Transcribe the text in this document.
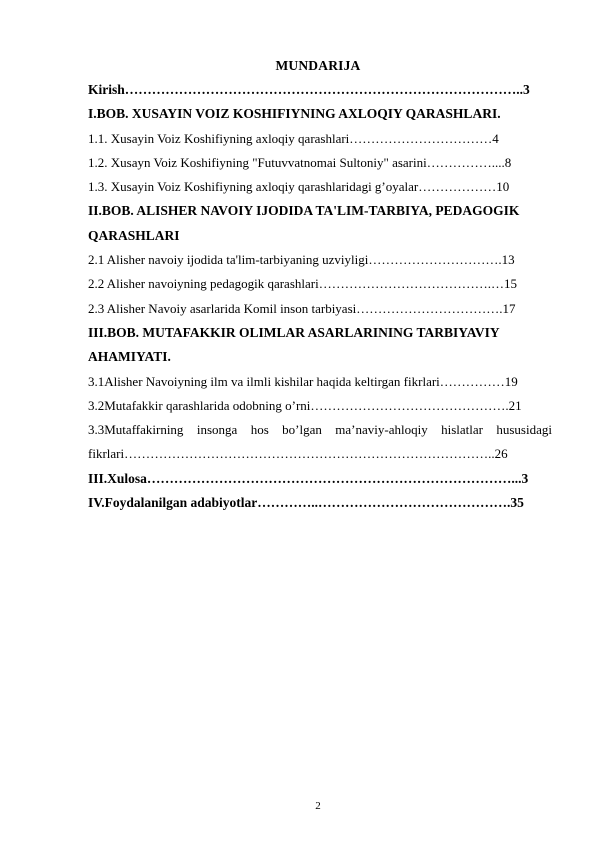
MUNDARIJA
Kirish……………………………………………………………………………..3
I.BOB. XUSAYIN VOIZ KOSHIFIYNING AXLOQIY QARASHLARI.
1.1. Xusayin Voiz Koshifiyning axloqiy qarashlari……………………………4
1.2. Xusayn Voiz Koshifiyning "Futuvvatnomai Sultoniy" asarini……………....8
1.3. Xusayin Voiz Koshifiyning axloqiy qarashlaridagi g’oyalar………………10
II.BOB. ALISHER NAVOIY IJODIDA TA'LIM-TARBIYA, PEDAGOGIK
QARASHLARI
2.1 Alisher navoiy ijodida ta'lim-tarbiyaning uzviyligi………………………….13
2.2 Alisher navoiyning pedagogik qarashlari………………………………….…15
2.3 Alisher Navoiy asarlarida Komil inson tarbiyasi…………………………….17
III.BOB. MUTAFAKKIR OLIMLAR ASARLARINING TARBIYAVIY
AHAMIYATI.
3.1Alisher Navoiyning ilm va ilmli kishilar haqida keltirgan fikrlari……………19
3.2Mutafakkir qarashlarida odobning o’rni……………………………………….21
3.3Mutaffakirning insonga hos bo’lgan ma’naviy-ahloqiy hislatlar hususidagi
fikrlari…………………………………………………………………………..26
III.Xulosa………………………………………………………………………...3
IV.Foydalanilgan adabiyotlar…………..…………………………………….35
2
